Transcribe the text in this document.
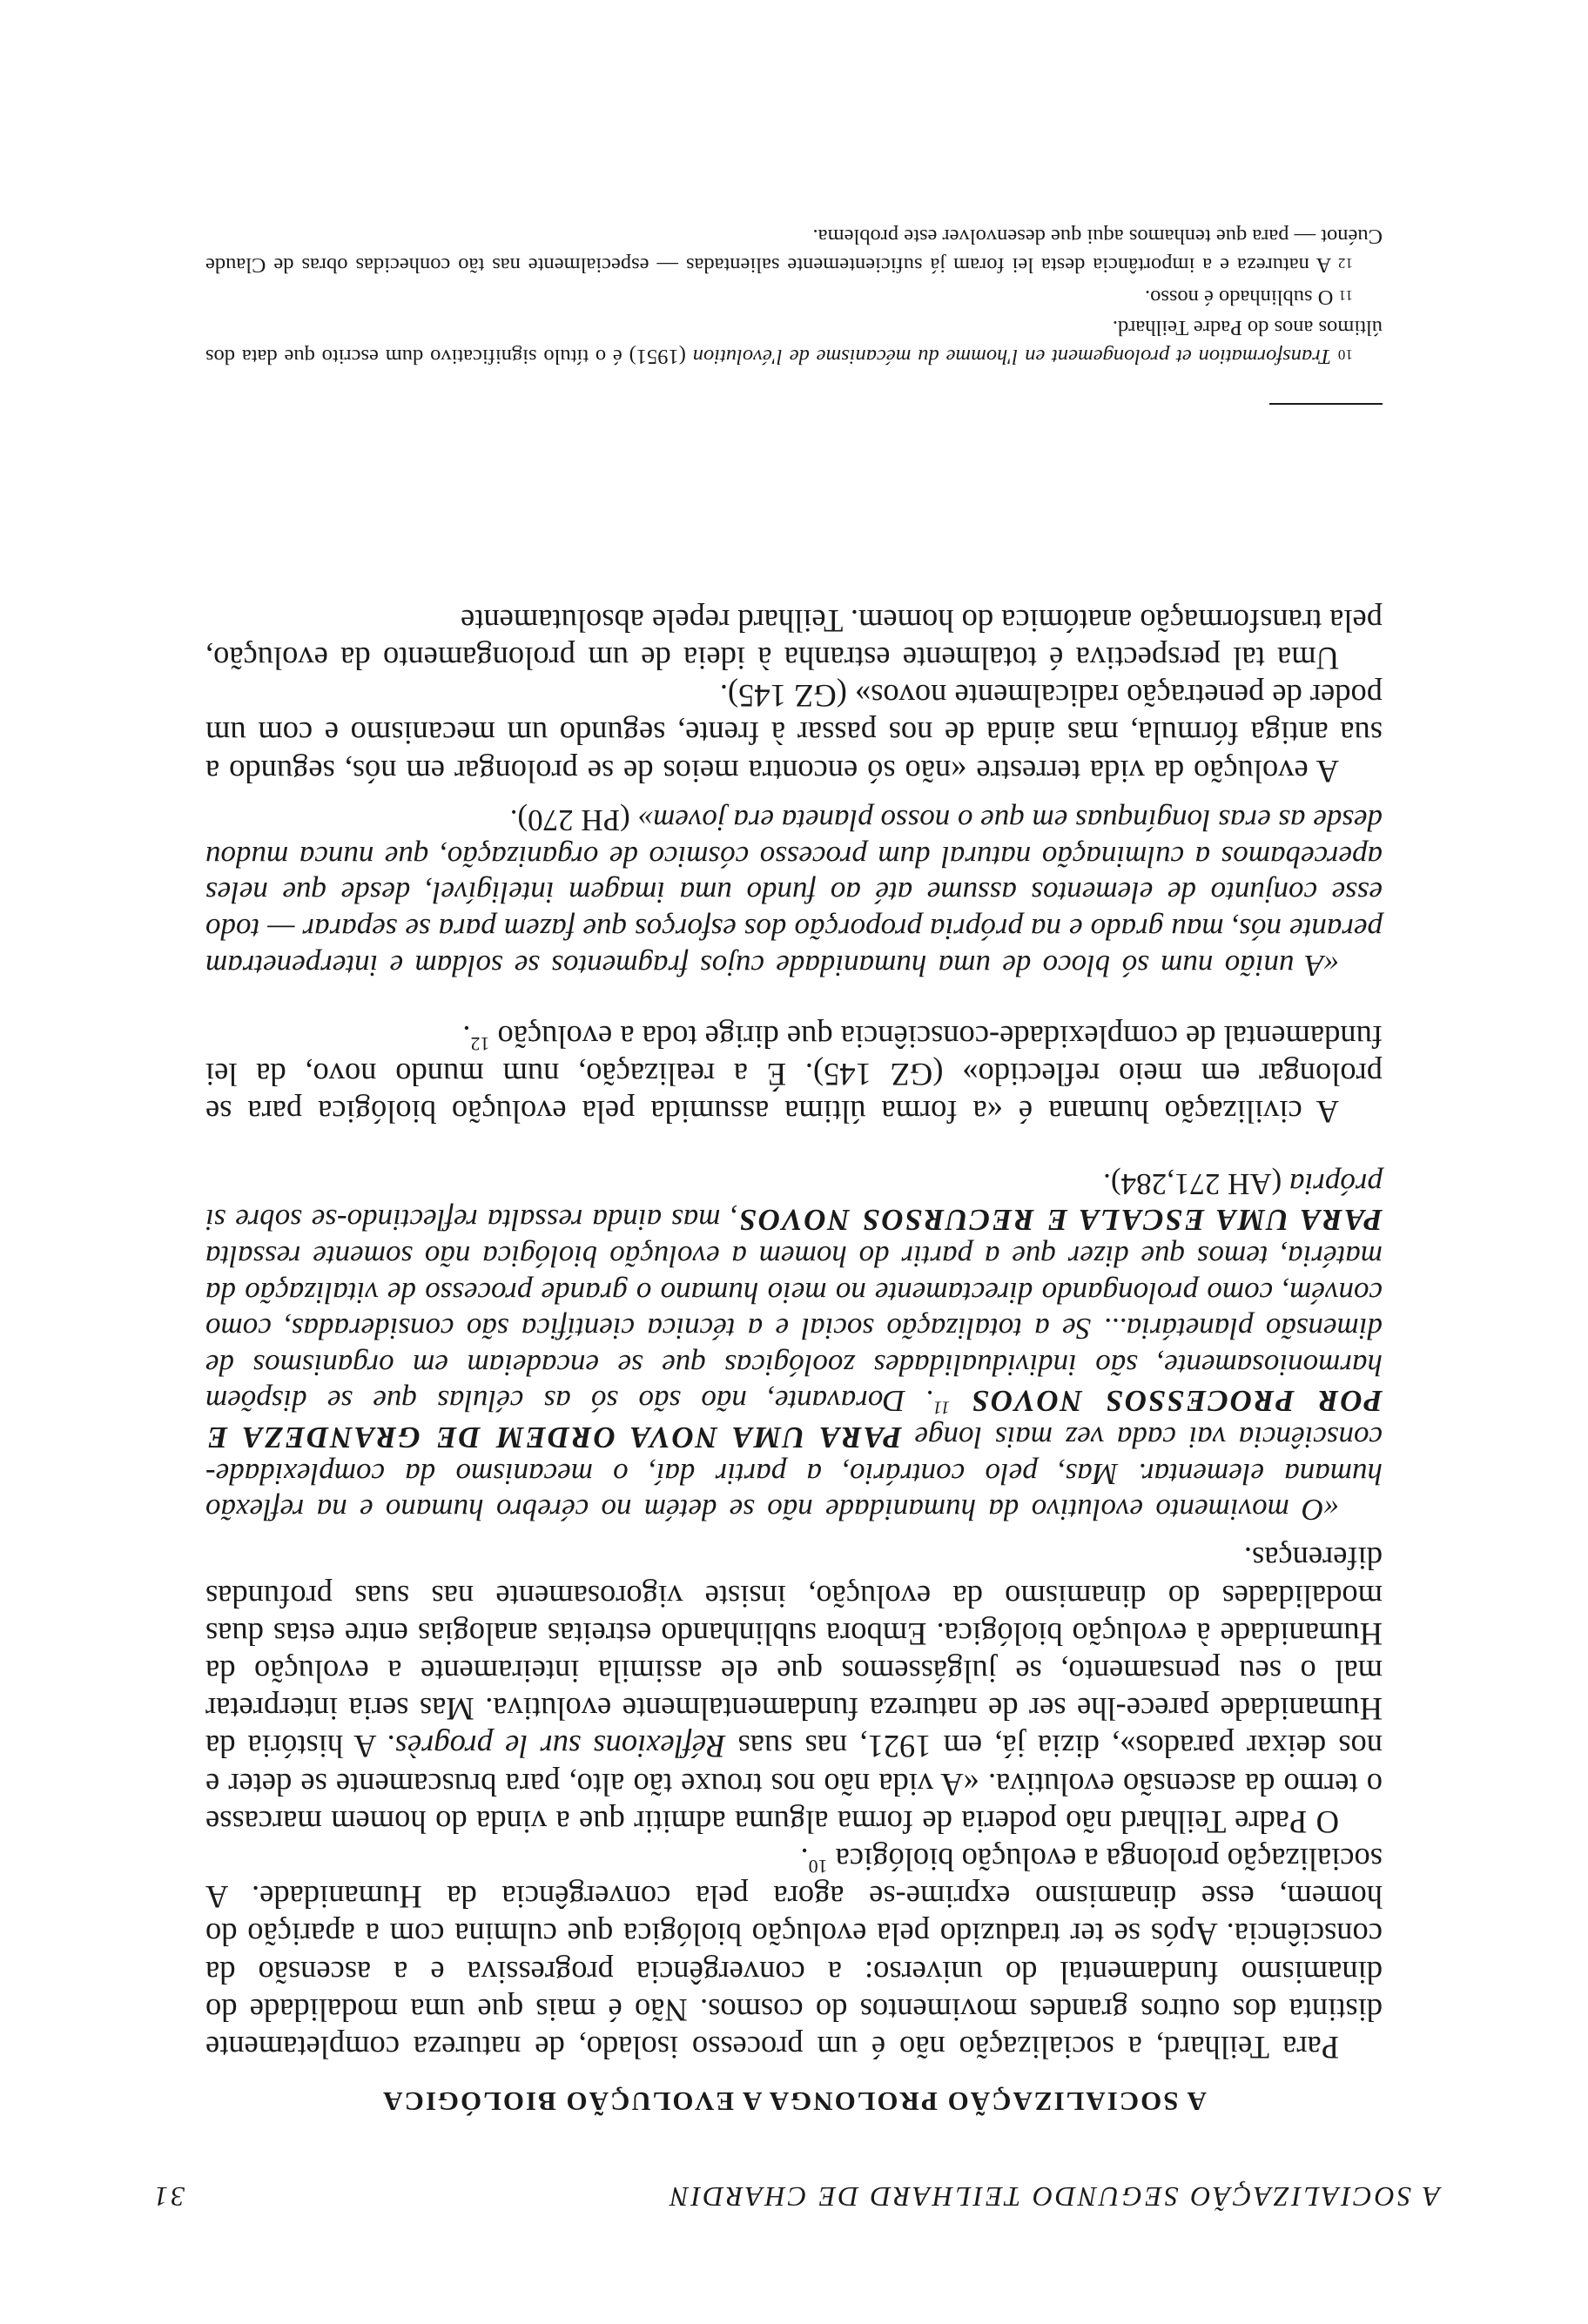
A SOCIALIZAÇÃO SEGUNDO TEILHARD DE CHARDIN
31
A SOCIALIZAÇÃO PROLONGA A EVOLUÇÃO BIOLÓGICA

Para Teilhard, a socialização não é um processo isolado, de natureza completamente distinta dos outros grandes movimentos do cosmos. Não é mais que uma modalidade do dinamismo fundamental do universo: a convergência progressiva e a ascensão da consciência. Após se ter traduzido pela evolução biológica que culmina com a aparição do homem, esse dinamismo exprime-se agora pela convergência da Humanidade. A socialização prolonga a evolução biológica $^{10}$.

O Padre Teilhard não poderia de forma alguma admitir que a vinda do homem marcasse o termo da ascensão evolutiva. «A vida não nos trouxe tão alto, para bruscamente se deter e nos deixar parados», dizia já, em 1921, nas suas Réflexions sur le progrès. A história da Humanidade parece-lhe ser de natureza fundamentalmente evolutiva. Mas seria interpretar mal o seu pensamento, se julgássemos que ele assimila inteiramente a evolução da Humanidade à evolução biológica. Embora sublinhando estreitas analogias entre estas duas modalidades do dinamismo da evolução, insiste vigorosamente nas suas profundas diferenças.

«O movimento evolutivo da humanidade não se detém no cérebro humano e na reflexão humana elementar. Mas, pelo contrário, a partir daí, o mecanismo da complexidade-consciência vai cada vez mais longe PARA UMA NOVA ORDEM DE GRANDEZA E POR PROCESSOS NOVOS $^{11}$. Doravante, não são só as células que se dispõem harmoniosamente, são individualidades zoológicas que se encadeiam em organismos de dimensão planetária... Se a totalização social e a técnica científica são consideradas, como convém, como prolongando directamente no meio humano o grande processo de vitalização da matéria, temos que dizer que a partir do homem a evolução biológica não somente ressalta PARA UMA ESCALA E RECURSOS NOVOS, mas ainda ressalta reflectindo-se sobre si própria (AH 271,284).

A civilização humana é «a forma última assumida pela evolução biológica para se prolongar em meio reflectido» (GZ 145). É a realização, num mundo novo, da lei fundamental de complexidade-consciência que dirige toda a evolução $^{12}$.

«A união num só bloco de uma humanidade cujos fragmentos se soldam e interpenetram perante nós, mau grado e na própria proporção dos esforços que fazem para se separar — todo esse conjunto de elementos assume até ao fundo uma imagem inteligível, desde que neles apercebamos a culminação natural dum processo cósmico de organização, que nunca mudou desde as eras longínquas em que o nosso planeta era jovem» (PH 270).

A evolução da vida terrestre «não só encontra meios de se prolongar em nós, segundo a sua antiga fórmula, mas ainda de nos passar à frente, segundo um mecanismo e com um poder de penetração radicalmente novos» (GZ 145).

Uma tal perspectiva é totalmente estranha à ideia de um prolongamento da evolução, pela transformação anatómica do homem. Teilhard repele absolutamente

10 Transformation et prolongement en l'homme du mécanisme de l'évolution (1951) é o título significativo dum escrito que data dos últimos anos do Padre Teilhard.

11 O sublinhado é nosso.

12 A natureza e a importância desta lei foram já suficientemente salientadas — especialmente nas tão conhecidas obras de Claude Cuénot — para que tenhamos aqui que desenvolver este problema.
